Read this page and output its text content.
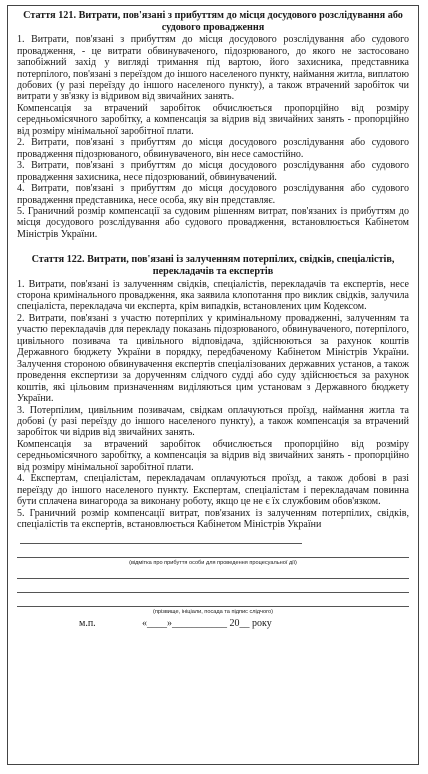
Стаття 121. Витрати, пов'язані з прибуттям до місця досудового розслідування або судового провадження

1. Витрати, пов'язані з прибуттям до місця досудового розслідування або судового провадження, - це витрати обвинуваченого, підозрюваного, до якого не застосовано запобіжний захід у вигляді тримання під вартою, його захисника, представника потерпілого, пов'язані з переїздом до іншого населеного пункту, наймання житла, виплатою добових (у разі переїзду до іншого населеного пункту), а також втрачений заробіток чи витрати у зв'язку із відривом від звичайних занять.

Компенсація за втрачений заробіток обчислюється пропорційно від розміру середньомісячного заробітку, а компенсація за відрив від звичайних занять - пропорційно від розміру мінімальної заробітної плати.

2. Витрати, пов'язані з прибуттям до місця досудового розслідування або судового провадження підозрюваного, обвинуваченого, він несе самостійно.

3. Витрати, пов'язані з прибуттям до місця досудового розслідування або судового провадження захисника, несе підозрюваний, обвинувачений.

4. Витрати, пов'язані з прибуттям до місця досудового розслідування або судового провадження представника, несе особа, яку він представляє.

5. Граничний розмір компенсації за судовим рішенням витрат, пов'язаних із прибуттям до місця досудового розслідування або судового провадження, встановлюється Кабінетом Міністрів України.

Стаття 122. Витрати, пов'язані із залученням потерпілих, свідків, спеціалістів, перекладачів та експертів

1. Витрати, пов'язані із залученням свідків, спеціалістів, перекладачів та експертів, несе сторона кримінального провадження, яка заявила клопотання про виклик свідків, залучила спеціаліста, перекладача чи експерта, крім випадків, встановлених цим Кодексом.

2. Витрати, пов'язані з участю потерпілих у кримінальному провадженні, залученням та участю перекладачів для перекладу показань підозрюваного, обвинуваченого, потерпілого, цивільного позивача та цивільного відповідача, здійснюються за рахунок коштів Державного бюджету України в порядку, передбаченому Кабінетом Міністрів України. Залучення стороною обвинувачення експертів спеціалізованих державних установ, а також проведення експертизи за дорученням слідчого судді або суду здійснюється за рахунок коштів, які цільовим призначенням виділяються цим установам з Державного бюджету України.

3. Потерпілим, цивільним позивачам, свідкам оплачуються проїзд, наймання житла та добові (у разі переїзду до іншого населеного пункту), а також компенсація за втрачений заробіток чи відрив від звичайних занять.

Компенсація за втрачений заробіток обчислюється пропорційно від розміру середньомісячного заробітку, а компенсація за відрив від звичайних занять - пропорційно від розміру мінімальної заробітної плати.

4. Експертам, спеціалістам, перекладачам оплачуються проїзд, а також добові в разі переїзду до іншого населеного пункту. Експертам, спеціалістам і перекладачам повинна бути сплачена винагорода за виконану роботу, якщо це не є їх службовим обов'язком.

5. Граничний розмір компенсації витрат, пов'язаних із залученням потерпілих, свідків, спеціалістів та експертів, встановлюється Кабінетом Міністрів України

(відмітка про прибуття особи для проведення процесуальної дії)
(прізвище, ініціали, посада та підпис слідчого)
м.п.	«____»___________ 20__ року
